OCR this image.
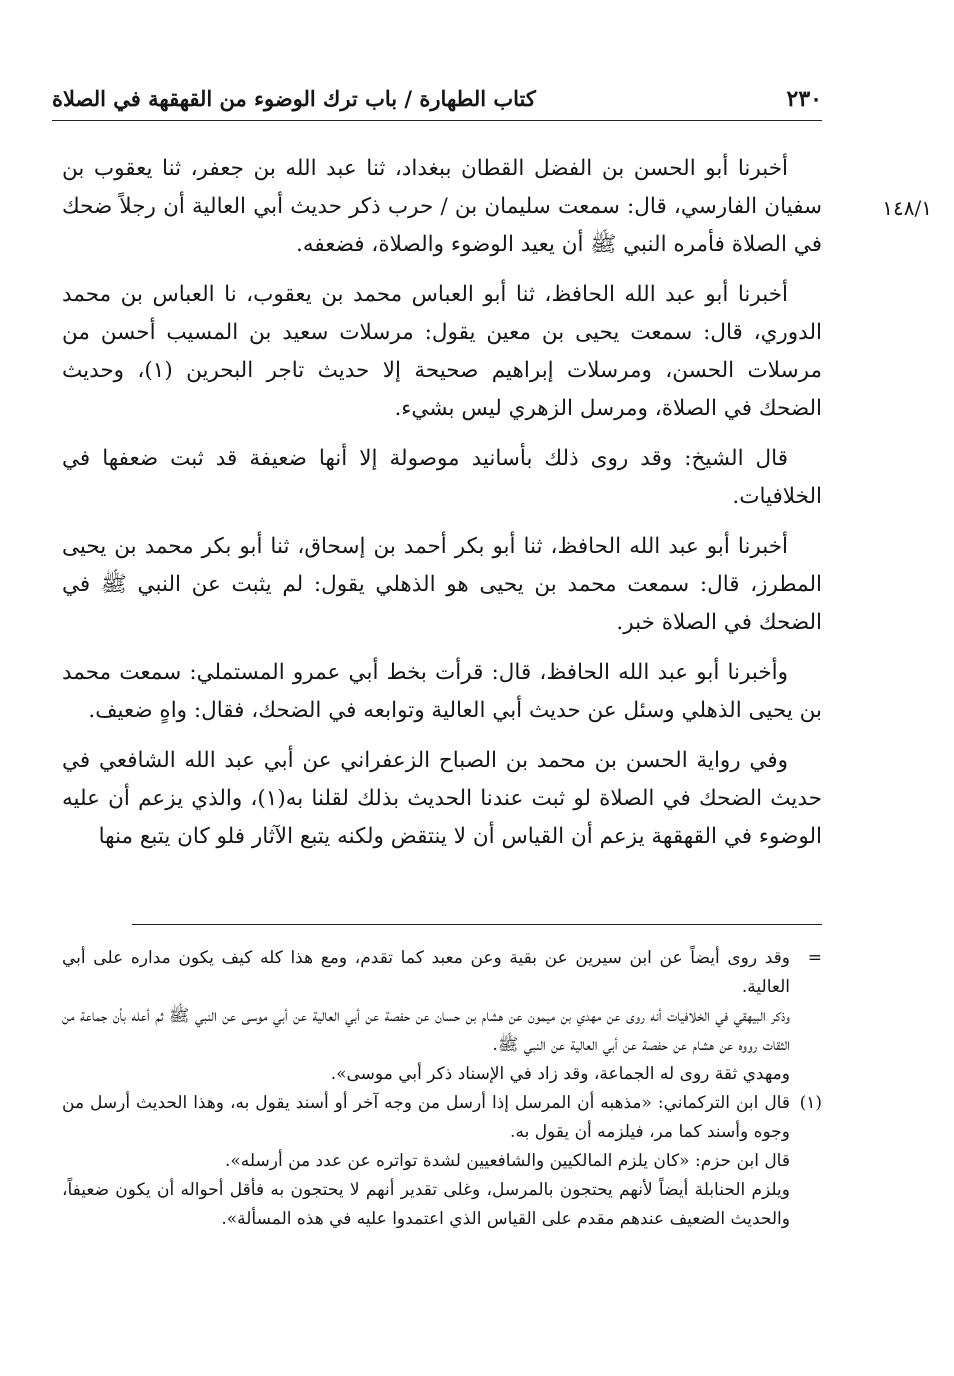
٢٣٠
كتاب الطهارة / باب ترك الوضوء من القهقهة في الصلاة
١٤٨/١

أخبرنا أبو الحسن بن الفضل القطان ببغداد، ثنا عبد الله بن جعفر، ثنا يعقوب بن سفيان الفارسي، قال: سمعت سليمان بن / حرب ذكر حديث أبي العالية أن رجلاً ضحك في الصلاة فأمره النبي ﷺ أن يعيد الوضوء والصلاة، فضعفه.

أخبرنا أبو عبد الله الحافظ، ثنا أبو العباس محمد بن يعقوب، نا العباس بن محمد الدوري، قال: سمعت يحيى بن معين يقول: مرسلات سعيد بن المسيب أحسن من مرسلات الحسن، ومرسلات إبراهيم صحيحة إلا حديث تاجر البحرين (١)، وحديث الضحك في الصلاة، ومرسل الزهري ليس بشيء.

قال الشيخ: وقد روى ذلك بأسانيد موصولة إلا أنها ضعيفة قد ثبت ضعفها في الخلافيات.

أخبرنا أبو عبد الله الحافظ، ثنا أبو بكر أحمد بن إسحاق، ثنا أبو بكر محمد بن يحيى المطرز، قال: سمعت محمد بن يحيى هو الذهلي يقول: لم يثبت عن النبي ﷺ في الضحك في الصلاة خبر.

وأخبرنا أبو عبد الله الحافظ، قال: قرأت بخط أبي عمرو المستملي: سمعت محمد بن يحيى الذهلي وسئل عن حديث أبي العالية وتوابعه في الضحك، فقال: واهٍ ضعيف.

وفي رواية الحسن بن محمد بن الصباح الزعفراني عن أبي عبد الله الشافعي في حديث الضحك في الصلاة لو ثبت عندنا الحديث بذلك لقلنا به(١)، والذي يزعم أن عليه الوضوء في القهقهة يزعم أن القياس أن لا ينتقض ولكنه يتبع الآثار فلو كان يتبع منها

=
وقد روى أيضاً عن ابن سيرين عن بقية وعن معبد كما تقدم، ومع هذا كله كيف يكون مداره على أبي العالية.

وذكر البيهقي في الخلافيات أنه روى عن مهدي بن ميمون عن هشام بن حسان عن حفصة عن أبي العالية عن أبي موسى عن النبي ﷺ ثم أعله بأن جماعة من الثقات رووه عن هشام عن حفصة عن أبي العالية عن النبي ﷺ.

ومهدي ثقة روى له الجماعة، وقد زاد في الإسناد ذكر أبي موسى».

(١)
قال ابن التركماني: «مذهبه أن المرسل إذا أرسل من وجه آخر أو أسند يقول به، وهذا الحديث أرسل من وجوه وأسند كما مر، فيلزمه أن يقول به.

قال ابن حزم: «كان يلزم المالكيين والشافعيين لشدة تواتره عن عدد من أرسله».

ويلزم الحنابلة أيضاً لأنهم يحتجون بالمرسل، وغلى تقدير أنهم لا يحتجون به فأقل أحواله أن يكون ضعيفاً، والحديث الضعيف عندهم مقدم على القياس الذي اعتمدوا عليه في هذه المسألة».
